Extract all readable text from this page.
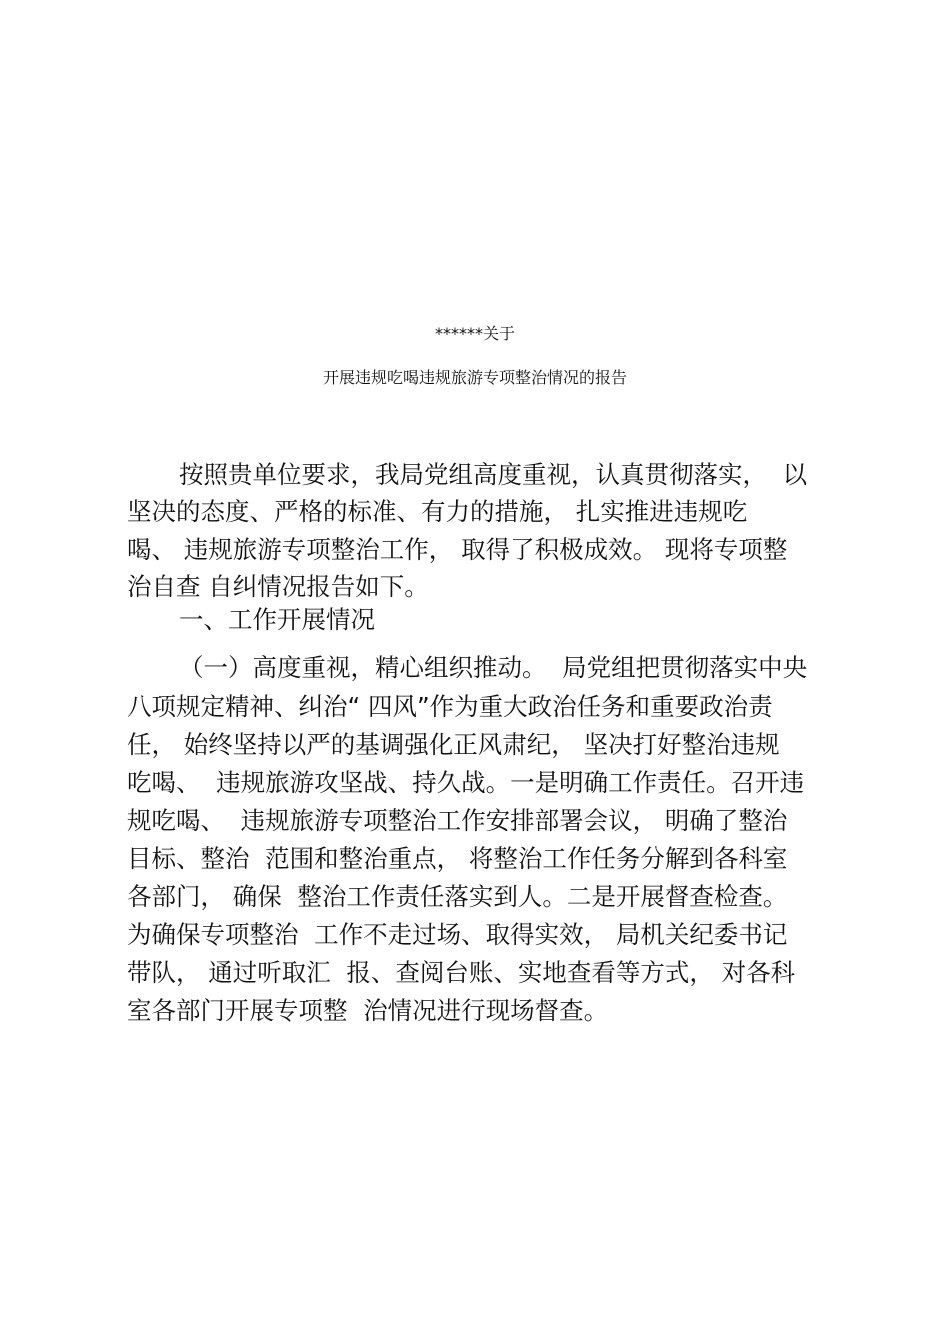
******关于
开展违规吃喝违规旅游专项整治情况的报告
按照贵单位要求，我局党组高度重视，认真贯彻落实，  以
坚决的态度、严格的标准、有力的措施， 扎实推进违规吃
喝、 违规旅游专项整治工作， 取得了积极成效。 现将专项整
治自查 自纠情况报告如下。
一、工作开展情况
（一）高度重视，精心组织推动。  局党组把贯彻落实中央
八项规定精神、纠治“ 四风”作为重大政治任务和重要政治责
任， 始终坚持以严的基调强化正风肃纪， 坚决打好整治违规
吃喝、  违规旅游攻坚战、持久战。一是明确工作责任。召开违
规吃喝、  违规旅游专项整治工作安排部署会议， 明确了整治
目标、整治  范围和整治重点， 将整治工作任务分解到各科室
各部门， 确保  整治工作责任落实到人。二是开展督查检查。
为确保专项整治  工作不走过场、取得实效， 局机关纪委书记
带队， 通过听取汇  报、查阅台账、实地查看等方式， 对各科
室各部门开展专项整  治情况进行现场督查。
